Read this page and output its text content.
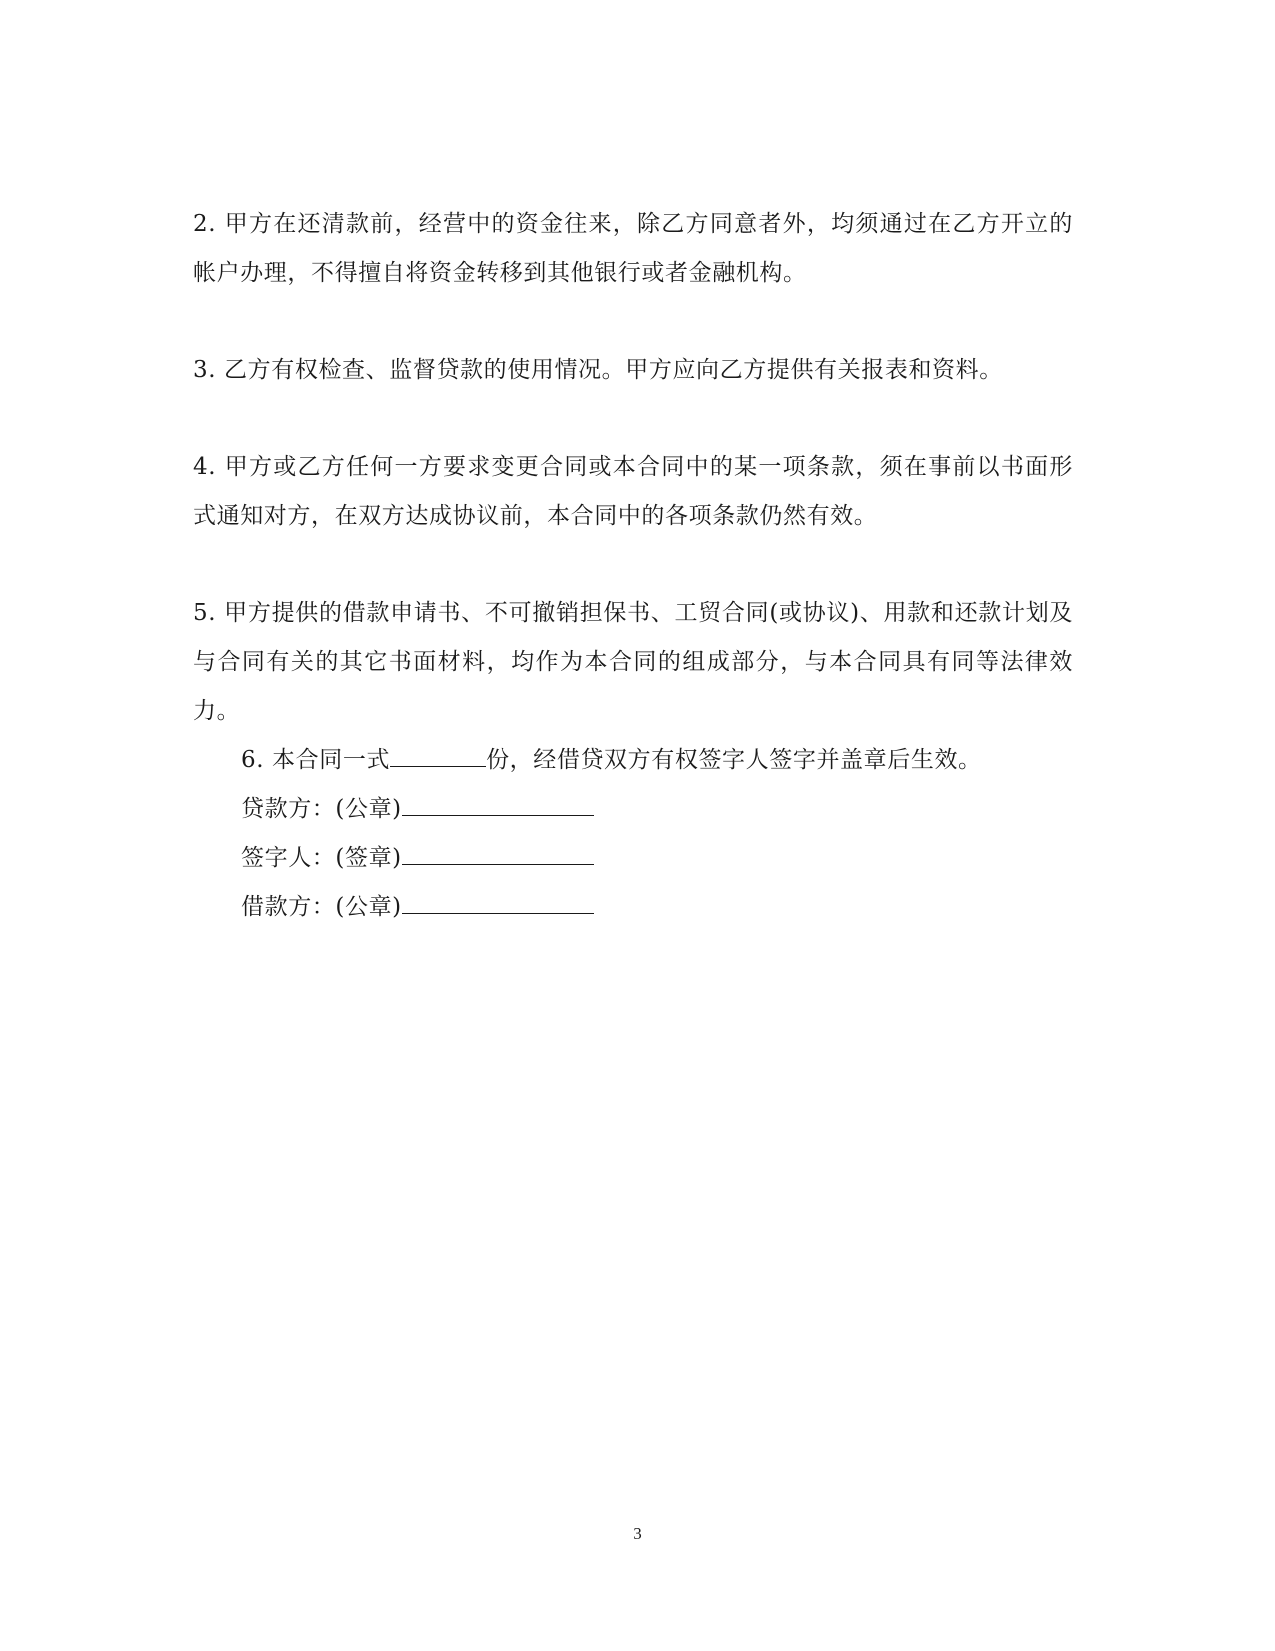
2. 甲方在还清款前，经营中的资金往来，除乙方同意者外，均须通过在乙方开立的帐户办理，不得擅自将资金转移到其他银行或者金融机构。

3. 乙方有权检查、监督贷款的使用情况。甲方应向乙方提供有关报表和资料。

4. 甲方或乙方任何一方要求变更合同或本合同中的某一项条款，须在事前以书面形式通知对方，在双方达成协议前，本合同中的各项条款仍然有效。

5. 甲方提供的借款申请书、不可撤销担保书、工贸合同(或协议)、用款和还款计划及与合同有关的其它书面材料，均作为本合同的组成部分，与本合同具有同等法律效力。

6. 本合同一式	份，经借贷双方有权签字人签字并盖章后生效。
贷款方：(公章)
签字人：(签章)
借款方：(公章)
3
